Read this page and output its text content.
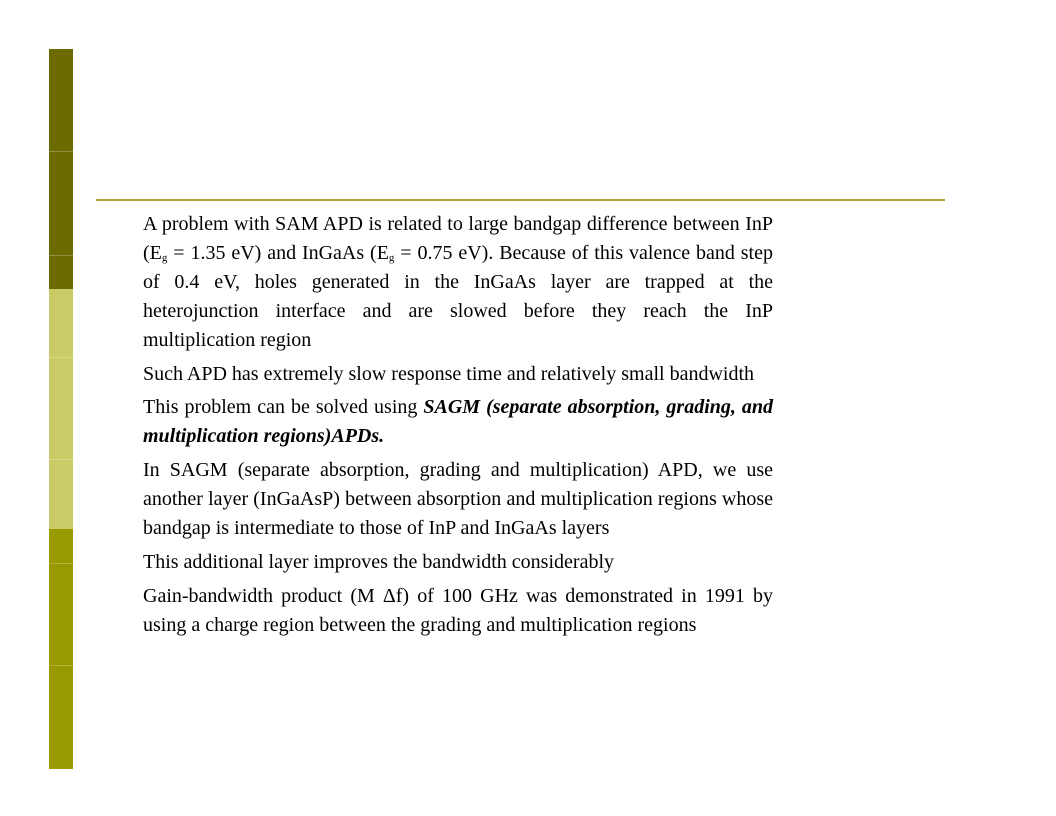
A problem with SAM APD is related to large bandgap difference between InP ($E_g = 1.35$ eV) and InGaAs ($E_g = 0.75$ eV). Because of this valence band step of 0.4 eV, holes generated in the InGaAs layer are trapped at the heterojunction interface and are slowed before they reach the InP multiplication region

Such APD has extremely slow response time and relatively small bandwidth

This problem can be solved using SAGM (separate absorption, grading, and multiplication regions)APDs.

In SAGM (separate absorption, grading and multiplication) APD, we use another layer (InGaAsP) between absorption and multiplication regions whose bandgap is intermediate to those of InP and InGaAs layers

This additional layer improves the bandwidth considerably

Gain-bandwidth product (M Δf) of 100 GHz was demonstrated in 1991 by using a charge region between the grading and multiplication regions
